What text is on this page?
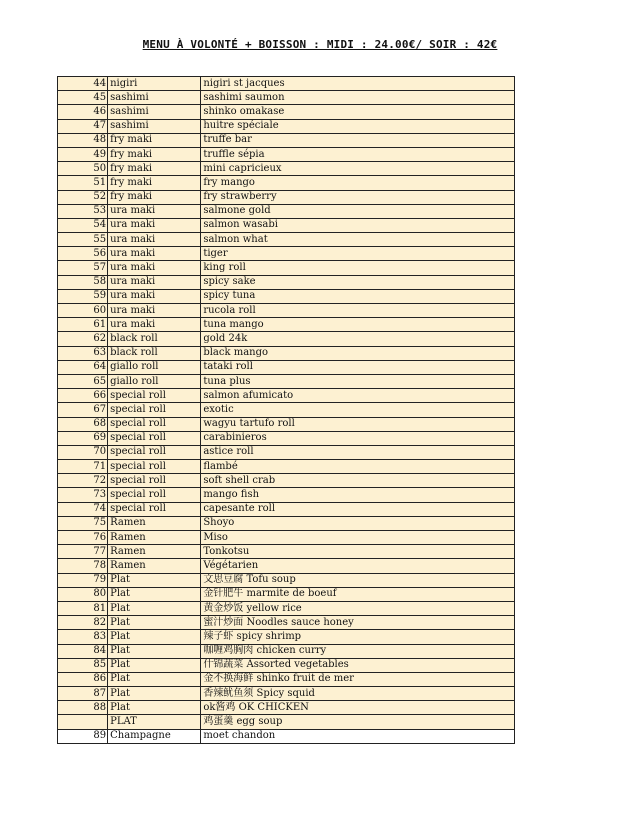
MENU À VOLONTÉ + BOISSON : MIDI : 24.00€/ SOIR : 42€
44	nigiri	nigiri st jacques
45	sashimi	sashimi saumon
46	sashimi	shinko omakase
47	sashimi	huitre spéciale
48	fry maki	truffe bar
49	fry maki	truffle sépia
50	fry maki	mini capricieux
51	fry maki	fry mango
52	fry maki	fry strawberry
53	ura maki	salmone gold
54	ura maki	salmon wasabi
55	ura maki	salmon what
56	ura maki	tiger
57	ura maki	king roll
58	ura maki	spicy sake
59	ura maki	spicy tuna
60	ura maki	rucola roll
61	ura maki	tuna mango
62	black roll	gold 24k
63	black roll	black mango
64	giallo roll	tataki roll
65	giallo roll	tuna plus
66	special roll	salmon afumicato
67	special roll	exotic
68	special roll	wagyu tartufo roll
69	special roll	carabinieros
70	special roll	astice roll
71	special roll	flambé
72	special roll	soft shell crab
73	special roll	mango fish
74	special roll	capesante roll
75	Ramen	Shoyo
76	Ramen	Miso
77	Ramen	Tonkotsu
78	Ramen	Végétarien
79	Plat	文思豆腐 Tofu soup
80	Plat	金针肥牛 marmite de boeuf
81	Plat	黄金炒饭 yellow rice
82	Plat	蜜汁炒面 Noodles sauce honey
83	Plat	辣子虾 spicy shrimp
84	Plat	咖喱鸡胸肉 chicken curry
85	Plat	什锦蔬菜 Assorted vegetables
86	Plat	金不换海鲜 shinko fruit de mer
87	Plat	香辣鱿鱼须 Spicy squid
88	Plat	ok酱鸡 OK CHICKEN
	PLAT	鸡蛋羹 egg soup
89	Champagne	moet chandon
